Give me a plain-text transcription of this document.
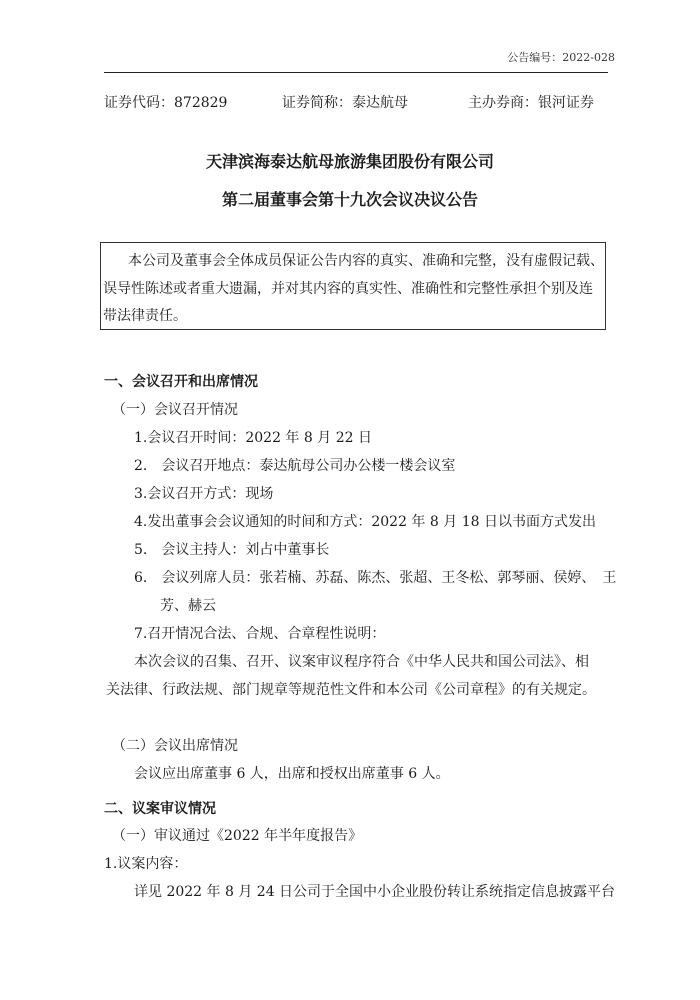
公告编号：2022-028
证券代码：872829	证券简称：泰达航母	主办券商：银河证券
天津滨海泰达航母旅游集团股份有限公司
第二届董事会第十九次会议决议公告
本公司及董事会全体成员保证公告内容的真实、准确和完整，没有虚假记载、
误导性陈述或者重大遗漏，并对其内容的真实性、准确性和完整性承担个别及连
带法律责任。
一、会议召开和出席情况
（一）会议召开情况
1.会议召开时间：2022 年 8 月 22 日
2.　会议召开地点：泰达航母公司办公楼一楼会议室
3.会议召开方式：现场
4.发出董事会会议通知的时间和方式：2022 年 8 月 18 日以书面方式发出
5.　会议主持人：刘占中董事长
6.　会议列席人员：张若楠、苏磊、陈杰、张超、王冬松、郭琴丽、侯婷、　王
芳、赫云
7.召开情况合法、合规、合章程性说明：
本次会议的召集、召开、议案审议程序符合《中华人民共和国公司法》、相
关法律、行政法规、部门规章等规范性文件和本公司《公司章程》的有关规定。
（二）会议出席情况
会议应出席董事 6 人，出席和授权出席董事 6 人。
二、议案审议情况
（一）审议通过《2022 年半年度报告》
1.议案内容：
详见 2022 年 8 月 24 日公司于全国中小企业股份转让系统指定信息披露平台
